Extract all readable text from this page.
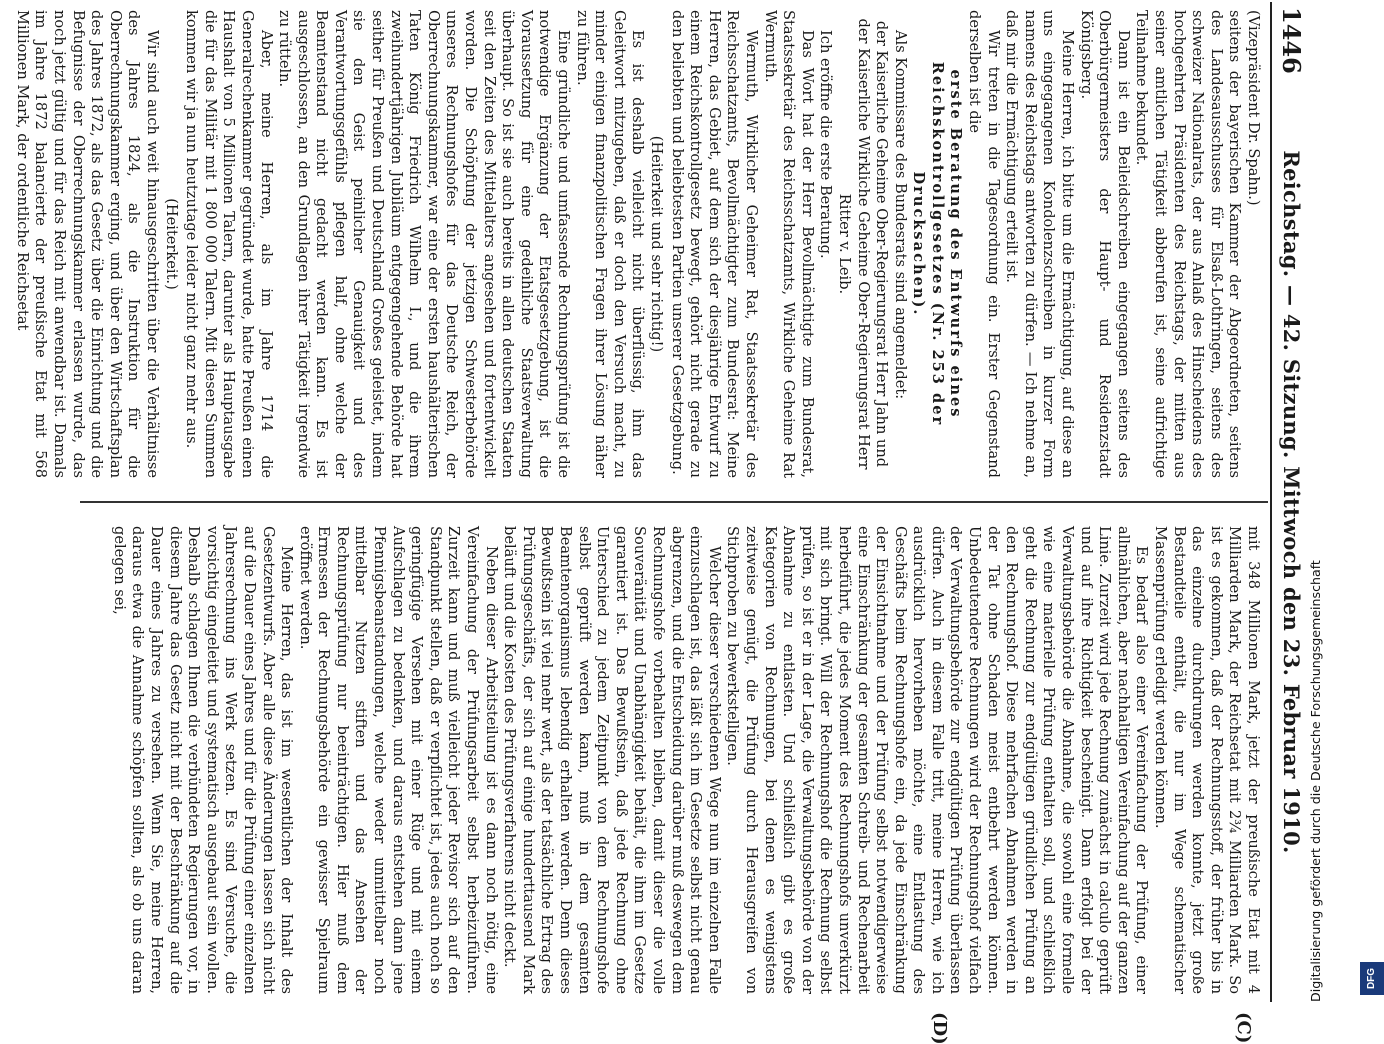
1446
Reichstag. — 42. Sitzung. Mittwoch den 23. Februar 1910.
(C)
(D)

(Vizepräsident Dr. Spahn.)

seitens der bayerischen Kammer der Abgeordneten, seitens des Landesausschusses für Elsaß-Lothringen, seitens des schweizer Nationalrats, der aus Anlaß des Hinscheidens des hochgeehrten Präsidenten des Reichstags, der mitten aus seiner amtlichen Tätigkeit abberufen ist, seine aufrichtige Teilnahme bekundet.

Dann ist ein Beileidschreiben eingegangen seitens des Oberbürgermeisters der Haupt- und Residenzstadt Königsberg.

Meine Herren, ich bitte um die Ermächtigung, auf diese an uns eingegangenen Kondolenzschreiben in kurzer Form namens des Reichstags antworten zu dürfen. — Ich nehme an, daß mir die Ermächtigung erteilt ist.

Wir treten in die Tagesordnung ein. Erster Gegenstand derselben ist die

erste Beratung des Entwurfs eines Reichskontrollgesetzes (Nr. 253 der Drucksachen).

Als Kommissare des Bundesrats sind angemeldet:

der Kaiserliche Geheime Ober-Regierungsrat Herr Jahn und

der Kaiserliche Wirkliche Geheime Ober-Regierungsrat Herr Ritter v. Leib.

Ich eröffne die erste Beratung.

Das Wort hat der Herr Bevollmächtigte zum Bundesrat, Staatssekretär des Reichsschatzamts, Wirkliche Geheime Rat Wermuth.

Wermuth, Wirklicher Geheimer Rat, Staatssekretär des Reichsschatzamts, Bevollmächtigter zum Bundesrat: Meine Herren, das Gebiet, auf dem sich der diesjährige Entwurf zu einem Reichskontrollgesetz bewegt, gehört nicht gerade zu den beliebten und beliebtesten Partien unserer Gesetzgebung.

(Heiterkeit und sehr richtig!)

Es ist deshalb vielleicht nicht überflüssig, ihm das Geleitwort mitzugeben, daß er doch den Versuch macht, zu minder einigen finanzpolitischen Fragen ihrer Lösung näher zu führen.

Eine gründliche und umfassende Rechnungsprüfung ist die notwendige Ergänzung der Etatsgesetzgebung, ist die Voraussetzung für eine gedeihliche Staatsverwaltung überhaupt. So ist sie auch bereits in allen deutschen Staaten seit den Zeiten des Mittelalters angesehen und fortentwickelt worden. Die Schöpfung der jetzigen Schwesterbehörde unseres Rechnungshofes für das Deutsche Reich, der Oberrechnungskammer, war eine der ersten haushälterischen Taten König Friedrich Wilhelm I., und die ihrem zweihundertjährigen Jubiläum entgegengehende Behörde hat seither für Preußen und Deutschland Großes geleistet, indem sie den Geist peinlicher Genauigkeit und des Verantwortungsgefühls pflegen half, ohne welche der Beamtenstand nicht gedacht werden kann. Es ist ausgeschlossen, an den Grundlagen ihrer Tätigkeit irgendwie zu rütteln.

Aber, meine Herren, als im Jahre 1714 die Generalrechenkammer gegründet wurde, hatte Preußen einen Haushalt von 5 Millionen Talern, darunter als Hauptausgabe die für das Militär mit 1 800 000 Talern. Mit diesen Summen kommen wir ja nun heutzutage leider nicht ganz mehr aus.

(Heiterkeit.)

Wir sind auch weit hinausgeschritten über die Verhältnisse des Jahres 1824, als die Instruktion für die Oberrechnungskammer erging, und über den Wirtschaftsplan des Jahres 1872, als das Gesetz über die Einrichtung und die Befugnisse der Oberrechnungskammer erlassen wurde, das noch jetzt gültig und für das Reich mit anwendbar ist. Damals im Jahre 1872 balancierte der preußische Etat mit 568 Millionen Mark, der ordentliche Reichsetat

mit 348 Millionen Mark, jetzt der preußische Etat mit 4 Milliarden Mark, der Reichsetat mit 2¾ Milliarden Mark. So ist es gekommen, daß der Rechnungsstoff, der früher bis in das einzelne durchdrungen werden konnte, jetzt große Bestandteile enthält, die nur im Wege schematischer Massenprüfung erledigt werden können.

Es bedarf also einer Vereinfachung der Prüfung, einer allmählichen, aber nachhaltigen Vereinfachung auf der ganzen Linie. Zurzeit wird jede Rechnung zunächst in calculo geprüft und auf ihre Richtigkeit bescheinigt. Dann erfolgt bei der Verwaltungsbehörde die Abnahme, die sowohl eine formelle wie eine materielle Prüfung enthalten soll, und schließlich geht die Rechnung zur endgültigen gründlichen Prüfung an den Rechnungshof. Diese mehrfachen Abnahmen werden in der Tat ohne Schaden meist entbehrt werden können. Unbedeutendere Rechnungen wird der Rechnungshof vielfach der Verwaltungsbehörde zur endgültigen Prüfung überlassen dürfen. Auch in diesem Falle tritt, meine Herren, wie ich ausdrücklich hervorheben möchte, eine Entlastung des Geschäfts beim Rechnungshofe ein, da jede Einschränkung der Einsichtnahme und der Prüfung selbst notwendigerweise eine Einschränkung der gesamten Schreib- und Rechenarbeit herbeiführt, die jedes Moment des Rechnungshofs unverkürzt mit sich bringt. Will der Rechnungshof die Rechnung selbst prüfen, so ist er in der Lage, die Verwaltungsbehörde von der Abnahme zu entlasten. Und schließlich gibt es große Kategorien von Rechnungen, bei denen es wenigstens zeitweise genügt, die Prüfung durch Herausgreifen von Stichproben zu bewerkstelligen.

Welcher dieser verschiedenen Wege nun im einzelnen Falle einzuschlagen ist, das läßt sich im Gesetze selbst nicht genau abgrenzen, und die Entscheidung darüber muß deswegen dem Rechnungshofe vorbehalten bleiben, damit dieser die volle Souveränität und Unabhängigkeit behält, die ihm im Gesetze garantiert ist. Das Bewußtsein, daß jede Rechnung ohne Unterschied zu jedem Zeitpunkt von dem Rechnungshofe selbst geprüft werden kann, muß in dem gesamten Beamtenorganismus lebendig erhalten werden. Denn dieses Bewußtsein ist viel mehr wert, als der tatsächliche Ertrag des Prüfungsgeschäfts, der sich auf einige hunderttausend Mark beläuft und die Kosten des Prüfungsverfahrens nicht deckt.

Neben dieser Arbeitsteilung ist es dann noch nötig, eine Vereinfachung der Prüfungsarbeit selbst herbeizuführen. Zurzeit kann und muß vielleicht jeder Revisor sich auf den Standpunkt stellen, daß er verpflichtet ist, jedes auch noch so geringfügige Versehen mit einer Rüge und mit einem Aufschlagen zu bedenken, und daraus entstehen dann jene Pfennigsbeanstandungen, welche weder unmittelbar noch mittelbar Nutzen stiften und das Ansehen der Rechnungsprüfung nur beeinträchtigen. Hier muß dem Ermessen der Rechnungsbehörde ein gewisser Spielraum eröffnet werden.

Meine Herren, das ist im wesentlichen der Inhalt des Gesetzentwurfs. Aber alle diese Änderungen lassen sich nicht auf die Dauer eines Jahres und für die Prüfung einer einzelnen Jahresrechnung ins Werk setzen. Es sind Versuche, die vorsichtig eingeleitet und systematisch ausgebaut sein wollen. Deshalb schlagen Ihnen die verbündeten Regierungen vor, in diesem Jahre das Gesetz nicht mit der Beschränkung auf die Dauer eines Jahres zu versehen. Wenn Sie, meine Herren, daraus etwa die Annahme schöpfen sollten, als ob uns daran gelegen sei,	Digitalisierung gefördert durch die Deutsche Forschungsgemeinschaft	DFG
